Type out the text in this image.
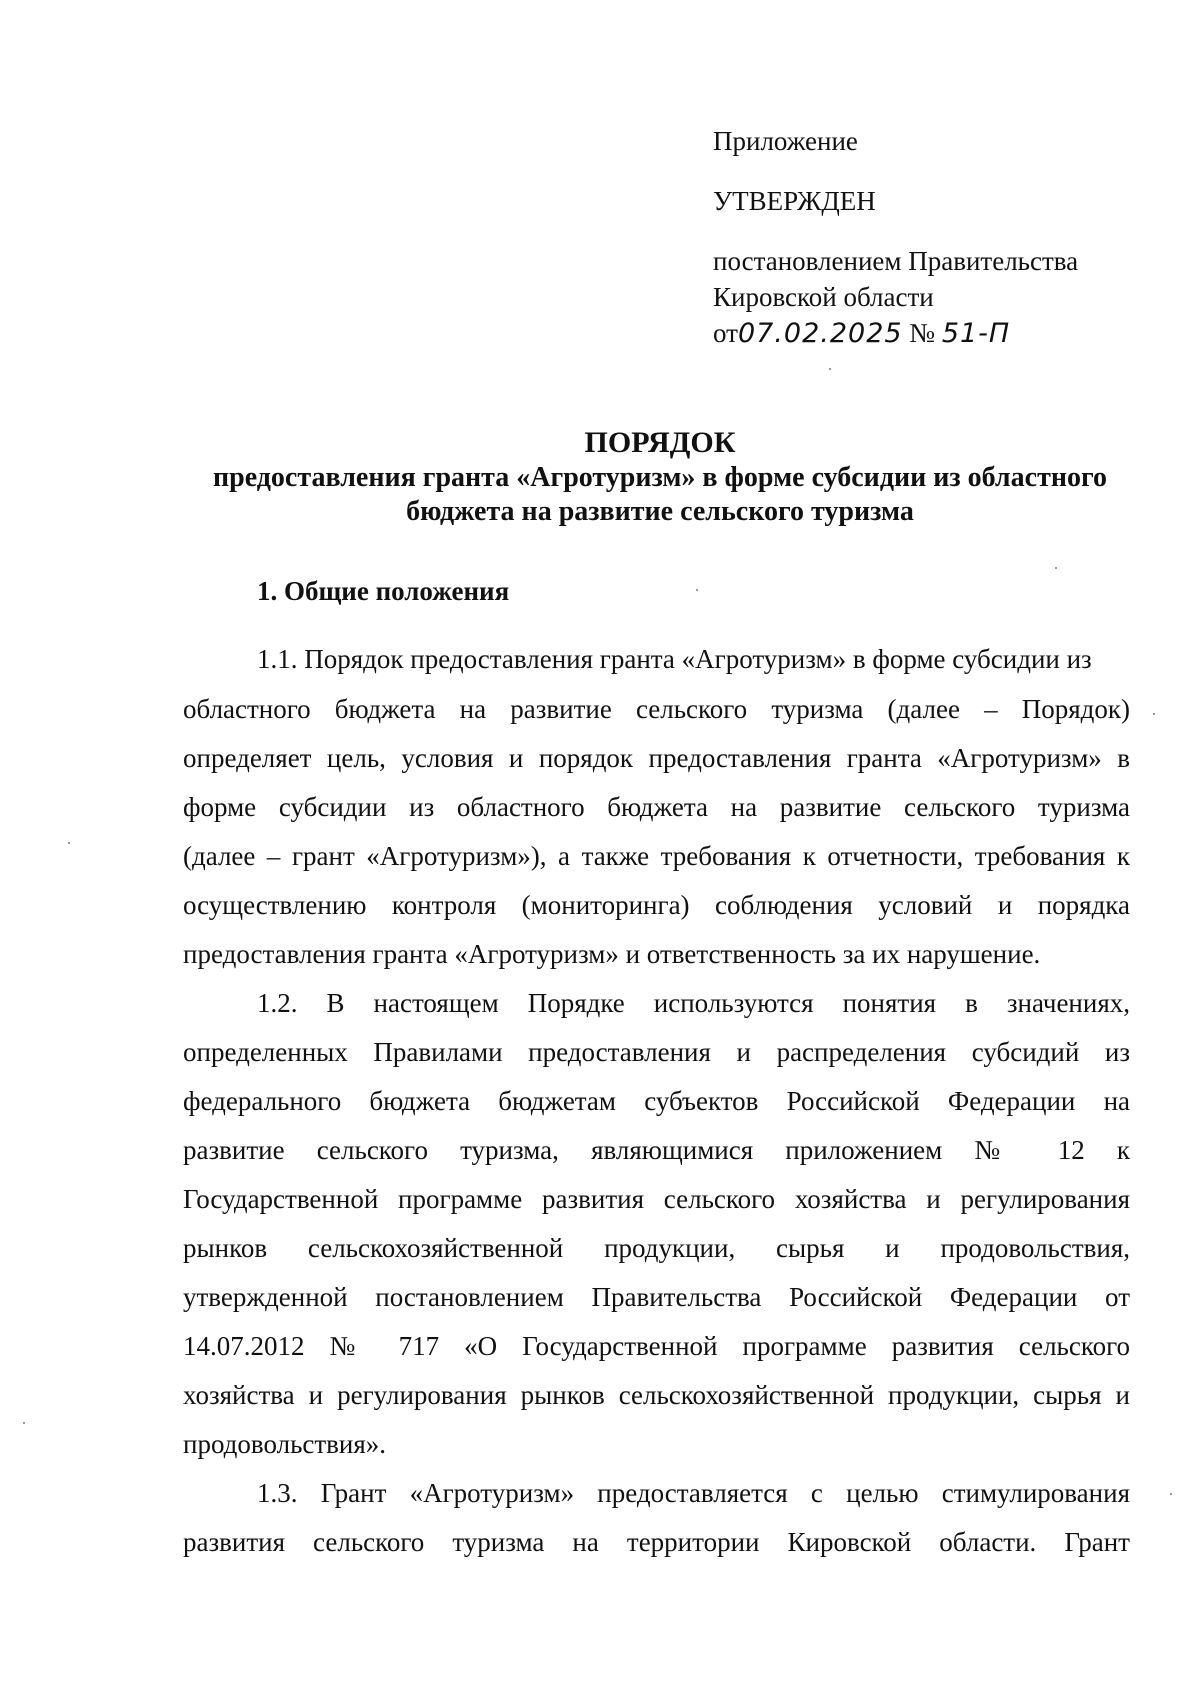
Приложение
УТВЕРЖДЕН
постановлением Правительства
Кировской области
от07.02.2025 № 51-П
ПОРЯДОК
предоставления гранта «Агротуризм» в форме субсидии из областного
бюджета на развитие сельского туризма
1. Общие положения
1.1. Порядок предоставления гранта «Агротуризм» в форме субсидии из
областного бюджета на развитие сельского туризма (далее – Порядок)
определяет цель, условия и порядок предоставления гранта «Агротуризм» в
форме субсидии из областного бюджета на развитие сельского туризма
(далее – грант «Агротуризм»), а также требования к отчетности, требования к
осуществлению контроля (мониторинга) соблюдения условий и порядка
предоставления гранта «Агротуризм» и ответственность за их нарушение.
1.2. В настоящем Порядке используются понятия в значениях,
определенных Правилами предоставления и распределения субсидий из
федерального бюджета бюджетам субъектов Российской Федерации на
развитие сельского туризма, являющимися приложением № 12 к
Государственной программе развития сельского хозяйства и регулирования
рынков сельскохозяйственной продукции, сырья и продовольствия,
утвержденной постановлением Правительства Российской Федерации от
14.07.2012 № 717 «О Государственной программе развития сельского
хозяйства и регулирования рынков сельскохозяйственной продукции, сырья и
продовольствия».
1.3. Грант «Агротуризм» предоставляется с целью стимулирования
развития сельского туризма на территории Кировской области. Грант
